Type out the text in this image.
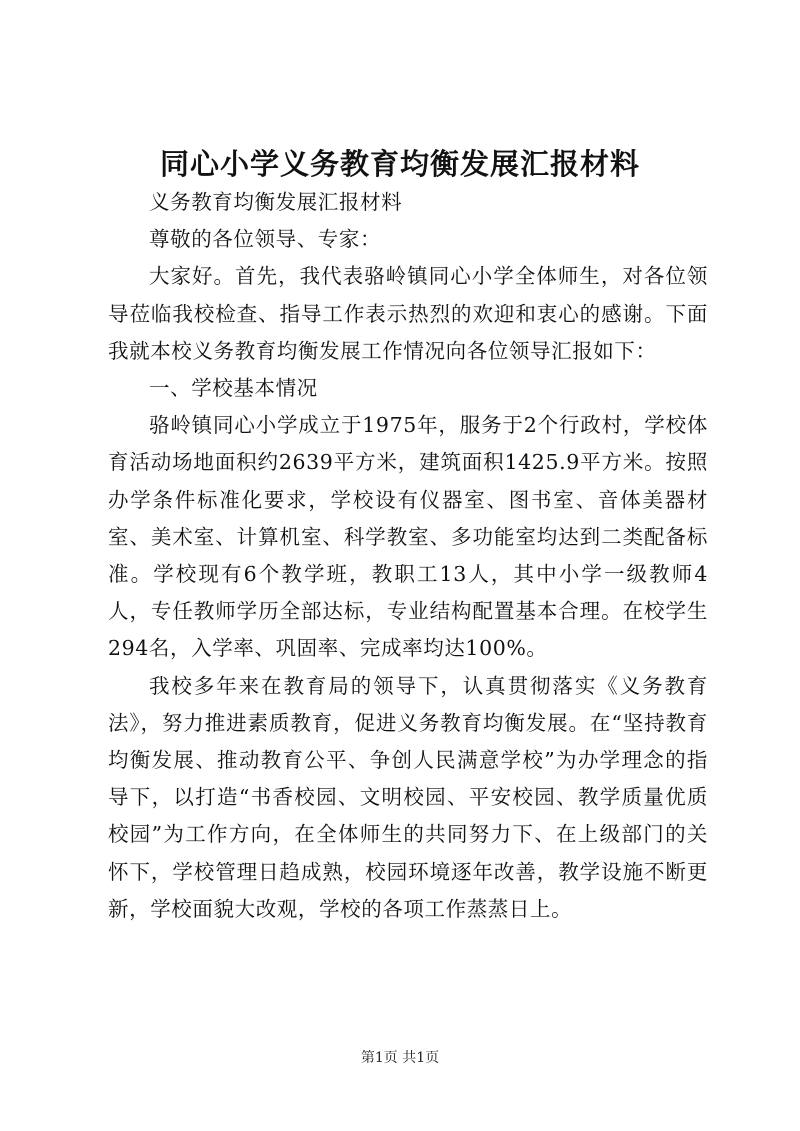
同心小学义务教育均衡发展汇报材料

义务教育均衡发展汇报材料

尊敬的各位领导、专家：

大家好。首先，我代表骆岭镇同心小学全体师生，对各位领导莅临我校检查、指导工作表示热烈的欢迎和衷心的感谢。下面我就本校义务教育均衡发展工作情况向各位领导汇报如下：

一、学校基本情况

骆岭镇同心小学成立于1975年，服务于2个行政村，学校体育活动场地面积约2639平方米，建筑面积1425.9平方米。按照办学条件标准化要求，学校设有仪器室、图书室、音体美器材室、美术室、计算机室、科学教室、多功能室均达到二类配备标准。学校现有6个教学班，教职工13人，其中小学一级教师4人，专任教师学历全部达标，专业结构配置基本合理。在校学生294名，入学率、巩固率、完成率均达100%。

我校多年来在教育局的领导下，认真贯彻落实《义务教育法》，努力推进素质教育，促进义务教育均衡发展。在“坚持教育均衡发展、推动教育公平、争创人民满意学校”为办学理念的指导下，以打造“书香校园、文明校园、平安校园、教学质量优质校园”为工作方向，在全体师生的共同努力下、在上级部门的关怀下，学校管理日趋成熟，校园环境逐年改善，教学设施不断更新，学校面貌大改观，学校的各项工作蒸蒸日上。

第1页 共1页
